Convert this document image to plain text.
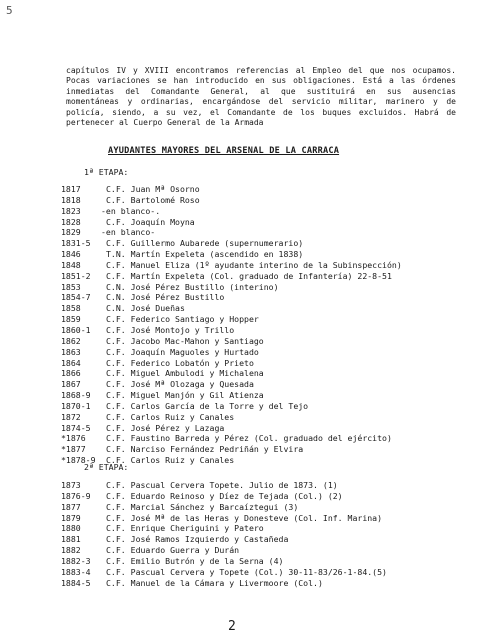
5

capítulos IV y XVIII encontramos referencias al Empleo del que nos ocupamos. Pocas variaciones se han introducido en sus obligaciones. Está a las órdenes inmediatas del Comandante General, al que sustituirá en sus ausencias momentáneas y ordinarias, encargándose del servicio militar, marinero y de policía, siendo, a su vez, el Comandante de los buques excluidos. Habrá de pertenecer al Cuerpo General de la Armada

AYUDANTES MAYORES DEL ARSENAL DE LA CARRACA

1ª ETAPA:

1817	C.F. Juan Mª Osorno
1818	C.F. Bartolomé Roso
1823 -en blanco-.
1828	C.F. Joaquín Moyna
1829 -en blanco-
1831-5 C.F. Guillermo Aubarede (supernumerario)
1846	T.N. Martín Expeleta (ascendido en 1838)
1848	C.F. Manuel Eliza (1º ayudante interino de la Subinspección)
1851-2 C.F. Martín Expeleta (Col. graduado de Infantería) 22-8-51
1853	C.N. José Pérez Bustillo (interino)
1854-7 C.N. José Pérez Bustillo
1858	C.N. José Dueñas
1859	C.F. Federico Santiago y Hopper
1860-1 C.F. José Montojo y Trillo
1862	C.F. Jacobo Mac-Mahon y Santiago
1863	C.F. Joaquín Maguoles y Hurtado
1864	C.F. Federico Lobatón y Prieto
1866	C.F. Miguel Ambulodi y Michalena
1867	C.F. José Mª Olozaga y Quesada
1868-9 C.F. Miguel Manjón y Gil Atienza
1870-1 C.F. Carlos García de la Torre y del Tejo
1872	C.F. Carlos Ruiz y Canales
1874-5 C.F. José Pérez y Lazaga
*1876 C.F. Faustino Barreda y Pérez (Col. graduado del ejército)
*1877 C.F. Narciso Fernández Pedriñán y Elvira
*1878-9 C.F. Carlos Ruiz y Canales

2ª ETAPA:

1873	C.F. Pascual Cervera Topete. Julio de 1873. (1)
1876-9 C.F. Eduardo Reinoso y Díez de Tejada (Col.) (2)
1877	C.F. Marcial Sánchez y Barcaíztegui (3)
1879	C.F. José Mª de las Heras y Donesteve (Col. Inf. Marina)
1880	C.F. Enrique Cheriguini y Patero
1881	C.F. José Ramos Izquierdo y Castañeda
1882	C.F. Eduardo Guerra y Durán
1882-3 C.F. Emilio Butrón y de la Serna (4)
1883-4 C.F. Pascual Cervera y Topete (Col.) 30-11-83/26-1-84.(5)
1884-5 C.F. Manuel de la Cámara y Livermoore (Col.)

2
